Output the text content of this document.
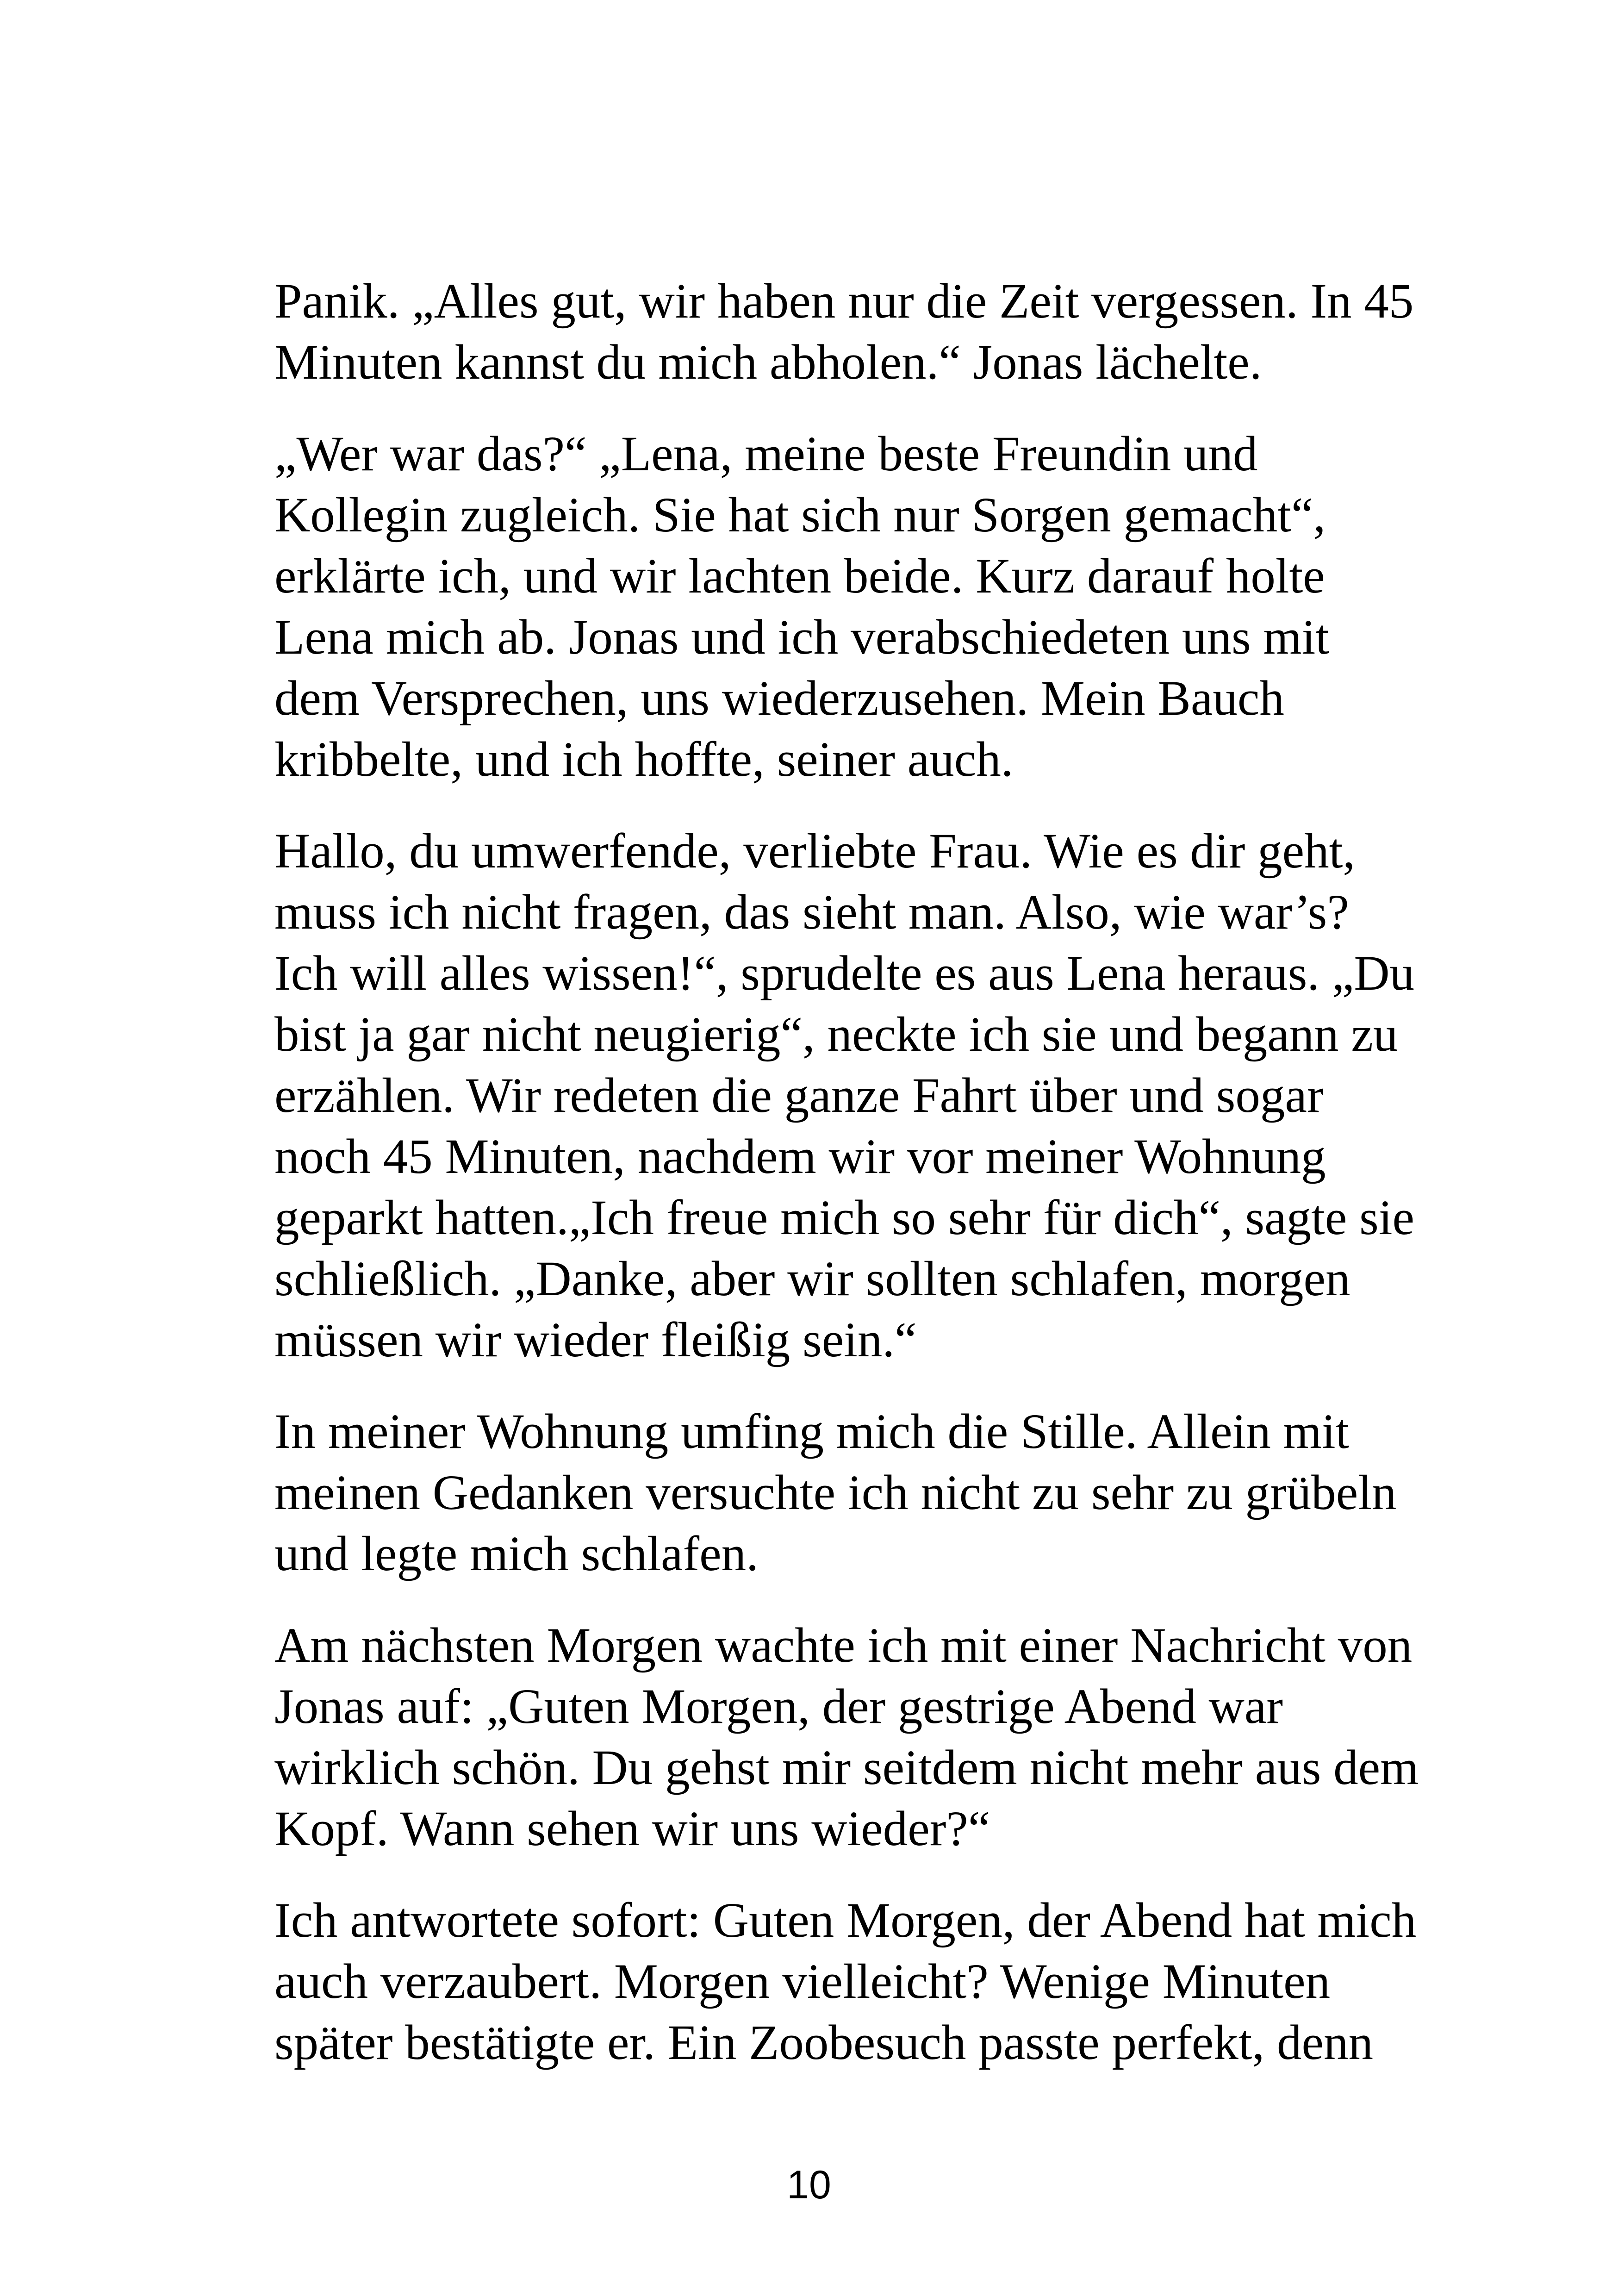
Panik. „Alles gut, wir haben nur die Zeit vergessen. In 45
Minuten kannst du mich abholen.“ Jonas lächelte.

„Wer war das?“ „Lena, meine beste Freundin und
Kollegin zugleich. Sie hat sich nur Sorgen gemacht“,
erklärte ich, und wir lachten beide. Kurz darauf holte
Lena mich ab. Jonas und ich verabschiedeten uns mit
dem Versprechen, uns wiederzusehen. Mein Bauch
kribbelte, und ich hoffte, seiner auch.

Hallo, du umwerfende, verliebte Frau. Wie es dir geht,
muss ich nicht fragen, das sieht man. Also, wie war’s?
Ich will alles wissen!“, sprudelte es aus Lena heraus. „Du
bist ja gar nicht neugierig“, neckte ich sie und begann zu
erzählen. Wir redeten die ganze Fahrt über und sogar
noch 45 Minuten, nachdem wir vor meiner Wohnung
geparkt hatten.„Ich freue mich so sehr für dich“, sagte sie
schließlich. „Danke, aber wir sollten schlafen, morgen
müssen wir wieder fleißig sein.“

In meiner Wohnung umfing mich die Stille. Allein mit
meinen Gedanken versuchte ich nicht zu sehr zu grübeln
und legte mich schlafen.

Am nächsten Morgen wachte ich mit einer Nachricht von
Jonas auf: „Guten Morgen, der gestrige Abend war
wirklich schön. Du gehst mir seitdem nicht mehr aus dem
Kopf. Wann sehen wir uns wieder?“

Ich antwortete sofort: Guten Morgen, der Abend hat mich
auch verzaubert. Morgen vielleicht? Wenige Minuten
später bestätigte er. Ein Zoobesuch passte perfekt, denn

10
